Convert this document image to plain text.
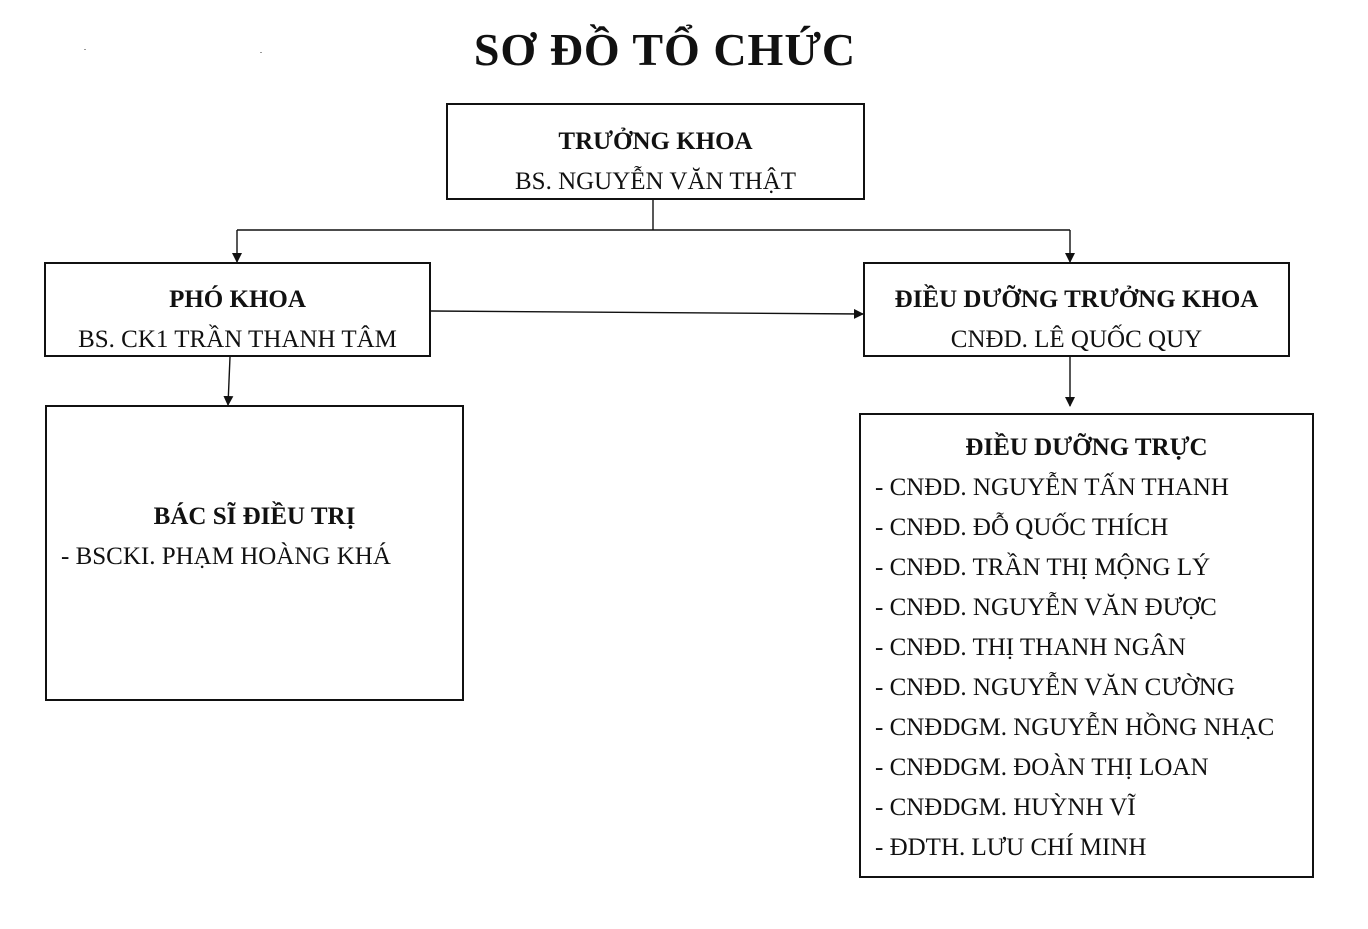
SƠ ĐỒ TỔ CHỨC
TRƯỞNG KHOA
BS. NGUYỄN VĂN THẬT
PHÓ KHOA
BS. CK1 TRẦN THANH TÂM
ĐIỀU DƯỠNG TRƯỞNG KHOA
CNĐD. LÊ QUỐC QUY
BÁC SĨ ĐIỀU TRỊ
- BSCKI. PHẠM HOÀNG KHÁ
ĐIỀU DƯỠNG TRỰC
- CNĐD. NGUYỄN TẤN THANH
- CNĐD. ĐỖ QUỐC THÍCH
- CNĐD. TRẦN THỊ MỘNG LÝ
- CNĐD. NGUYỄN VĂN ĐƯỢC
- CNĐD. THỊ THANH NGÂN
- CNĐD. NGUYỄN VĂN CƯỜNG
- CNĐDGM. NGUYỄN HỒNG NHẠC
- CNĐDGM. ĐOÀN THỊ LOAN
- CNĐDGM. HUỲNH VĨ
- ĐDTH. LƯU CHÍ MINH
